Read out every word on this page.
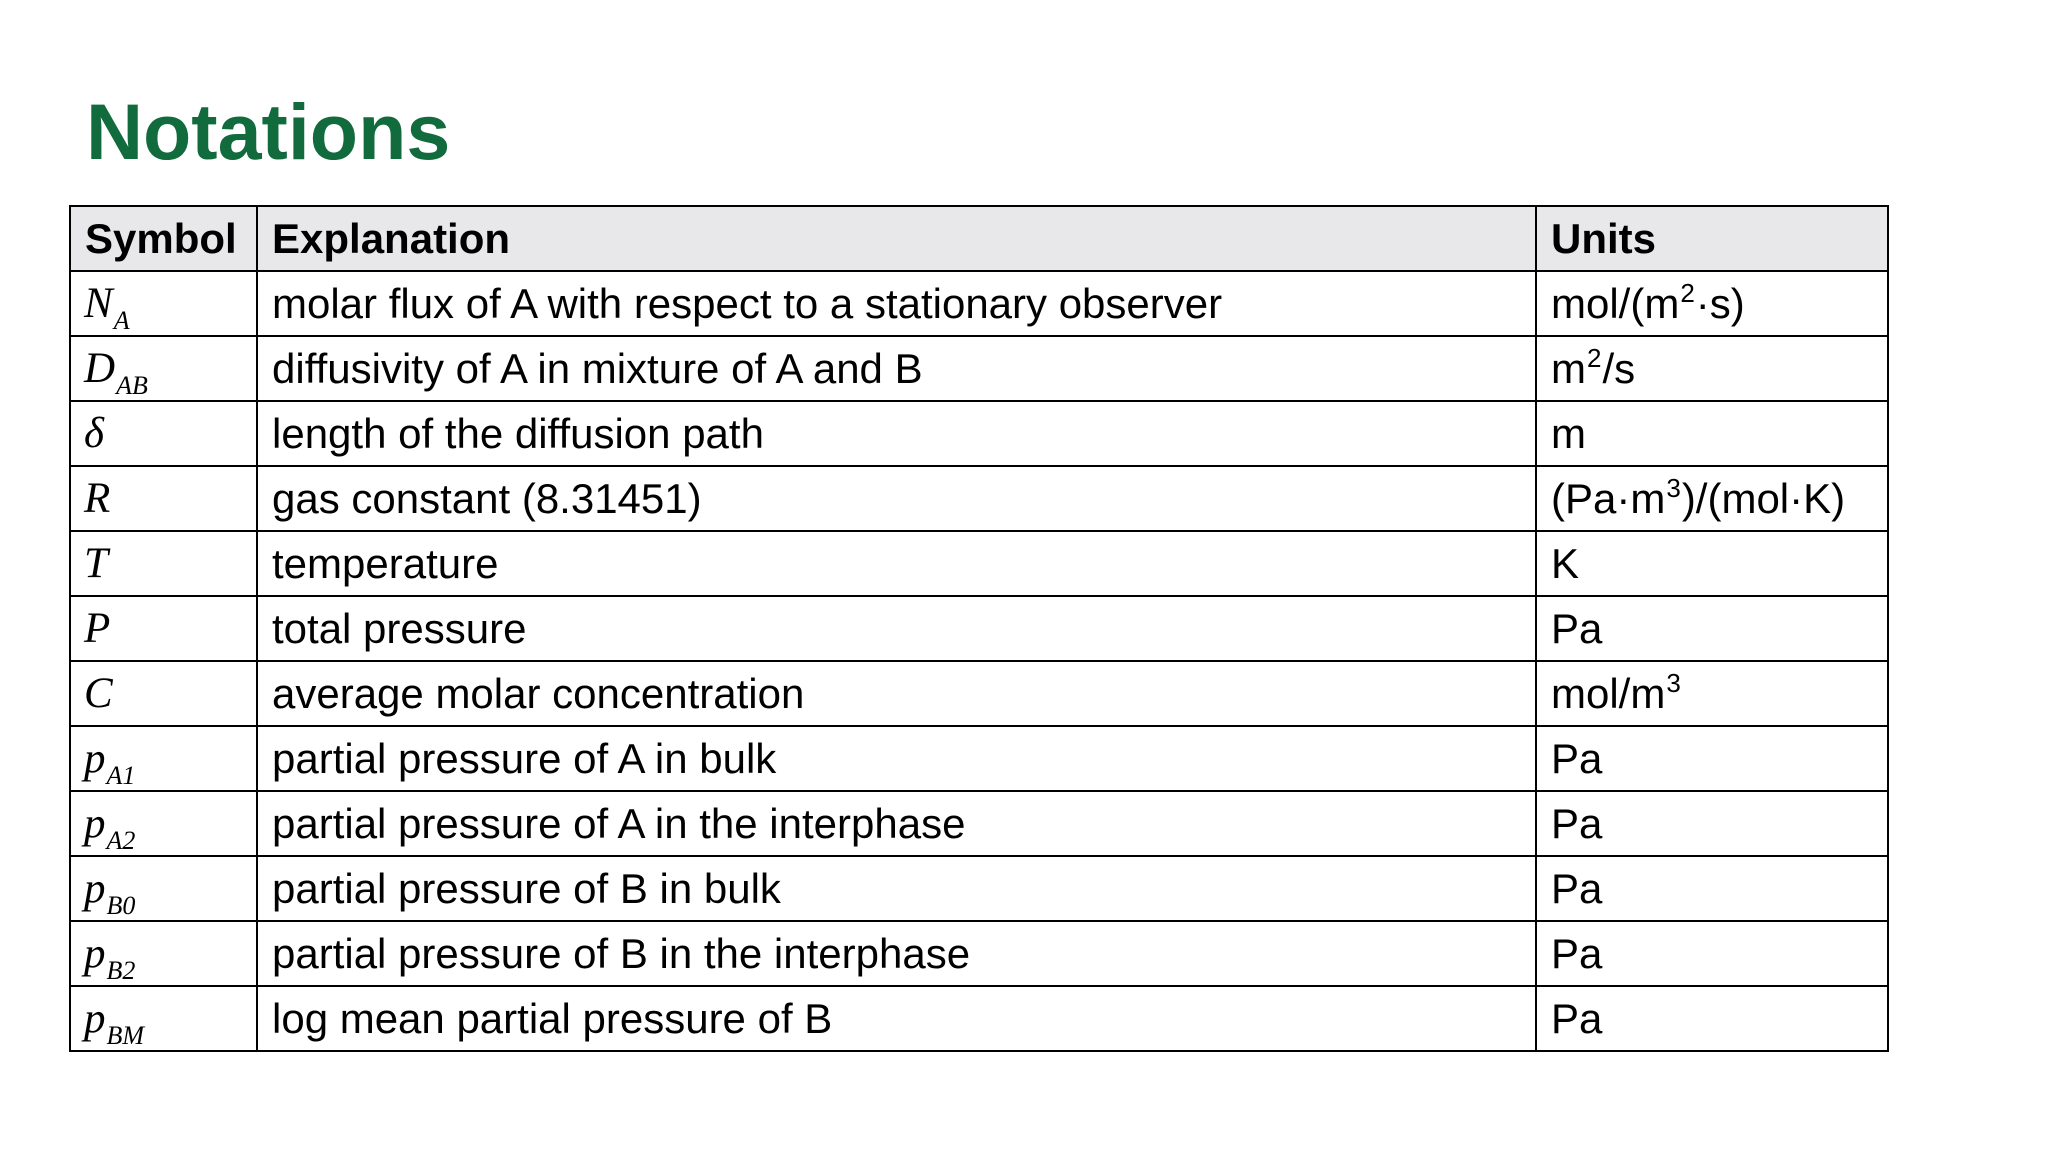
Notations
Symbol	Explanation	Units
$N_A$	molar flux of A with respect to a stationary observer	mol/$(m^2\cdot s)$
$D_{AB}$	diffusivity of A in mixture of A and B	$m^2/s$
δ	length of the diffusion path	m
R	gas constant (8.31451)	$(Pa\cdot m^3)/(mol\cdot K)$
T	temperature	K
P	total pressure	Pa
C	average molar concentration	mol/$m^3$
$p_{A1}$	partial pressure of A in bulk	Pa
$p_{A2}$	partial pressure of A in the interphase	Pa
$p_{B0}$	partial pressure of B in bulk	Pa
$p_{B2}$	partial pressure of B in the interphase	Pa
$p_{BM}$	log mean partial pressure of B	Pa
